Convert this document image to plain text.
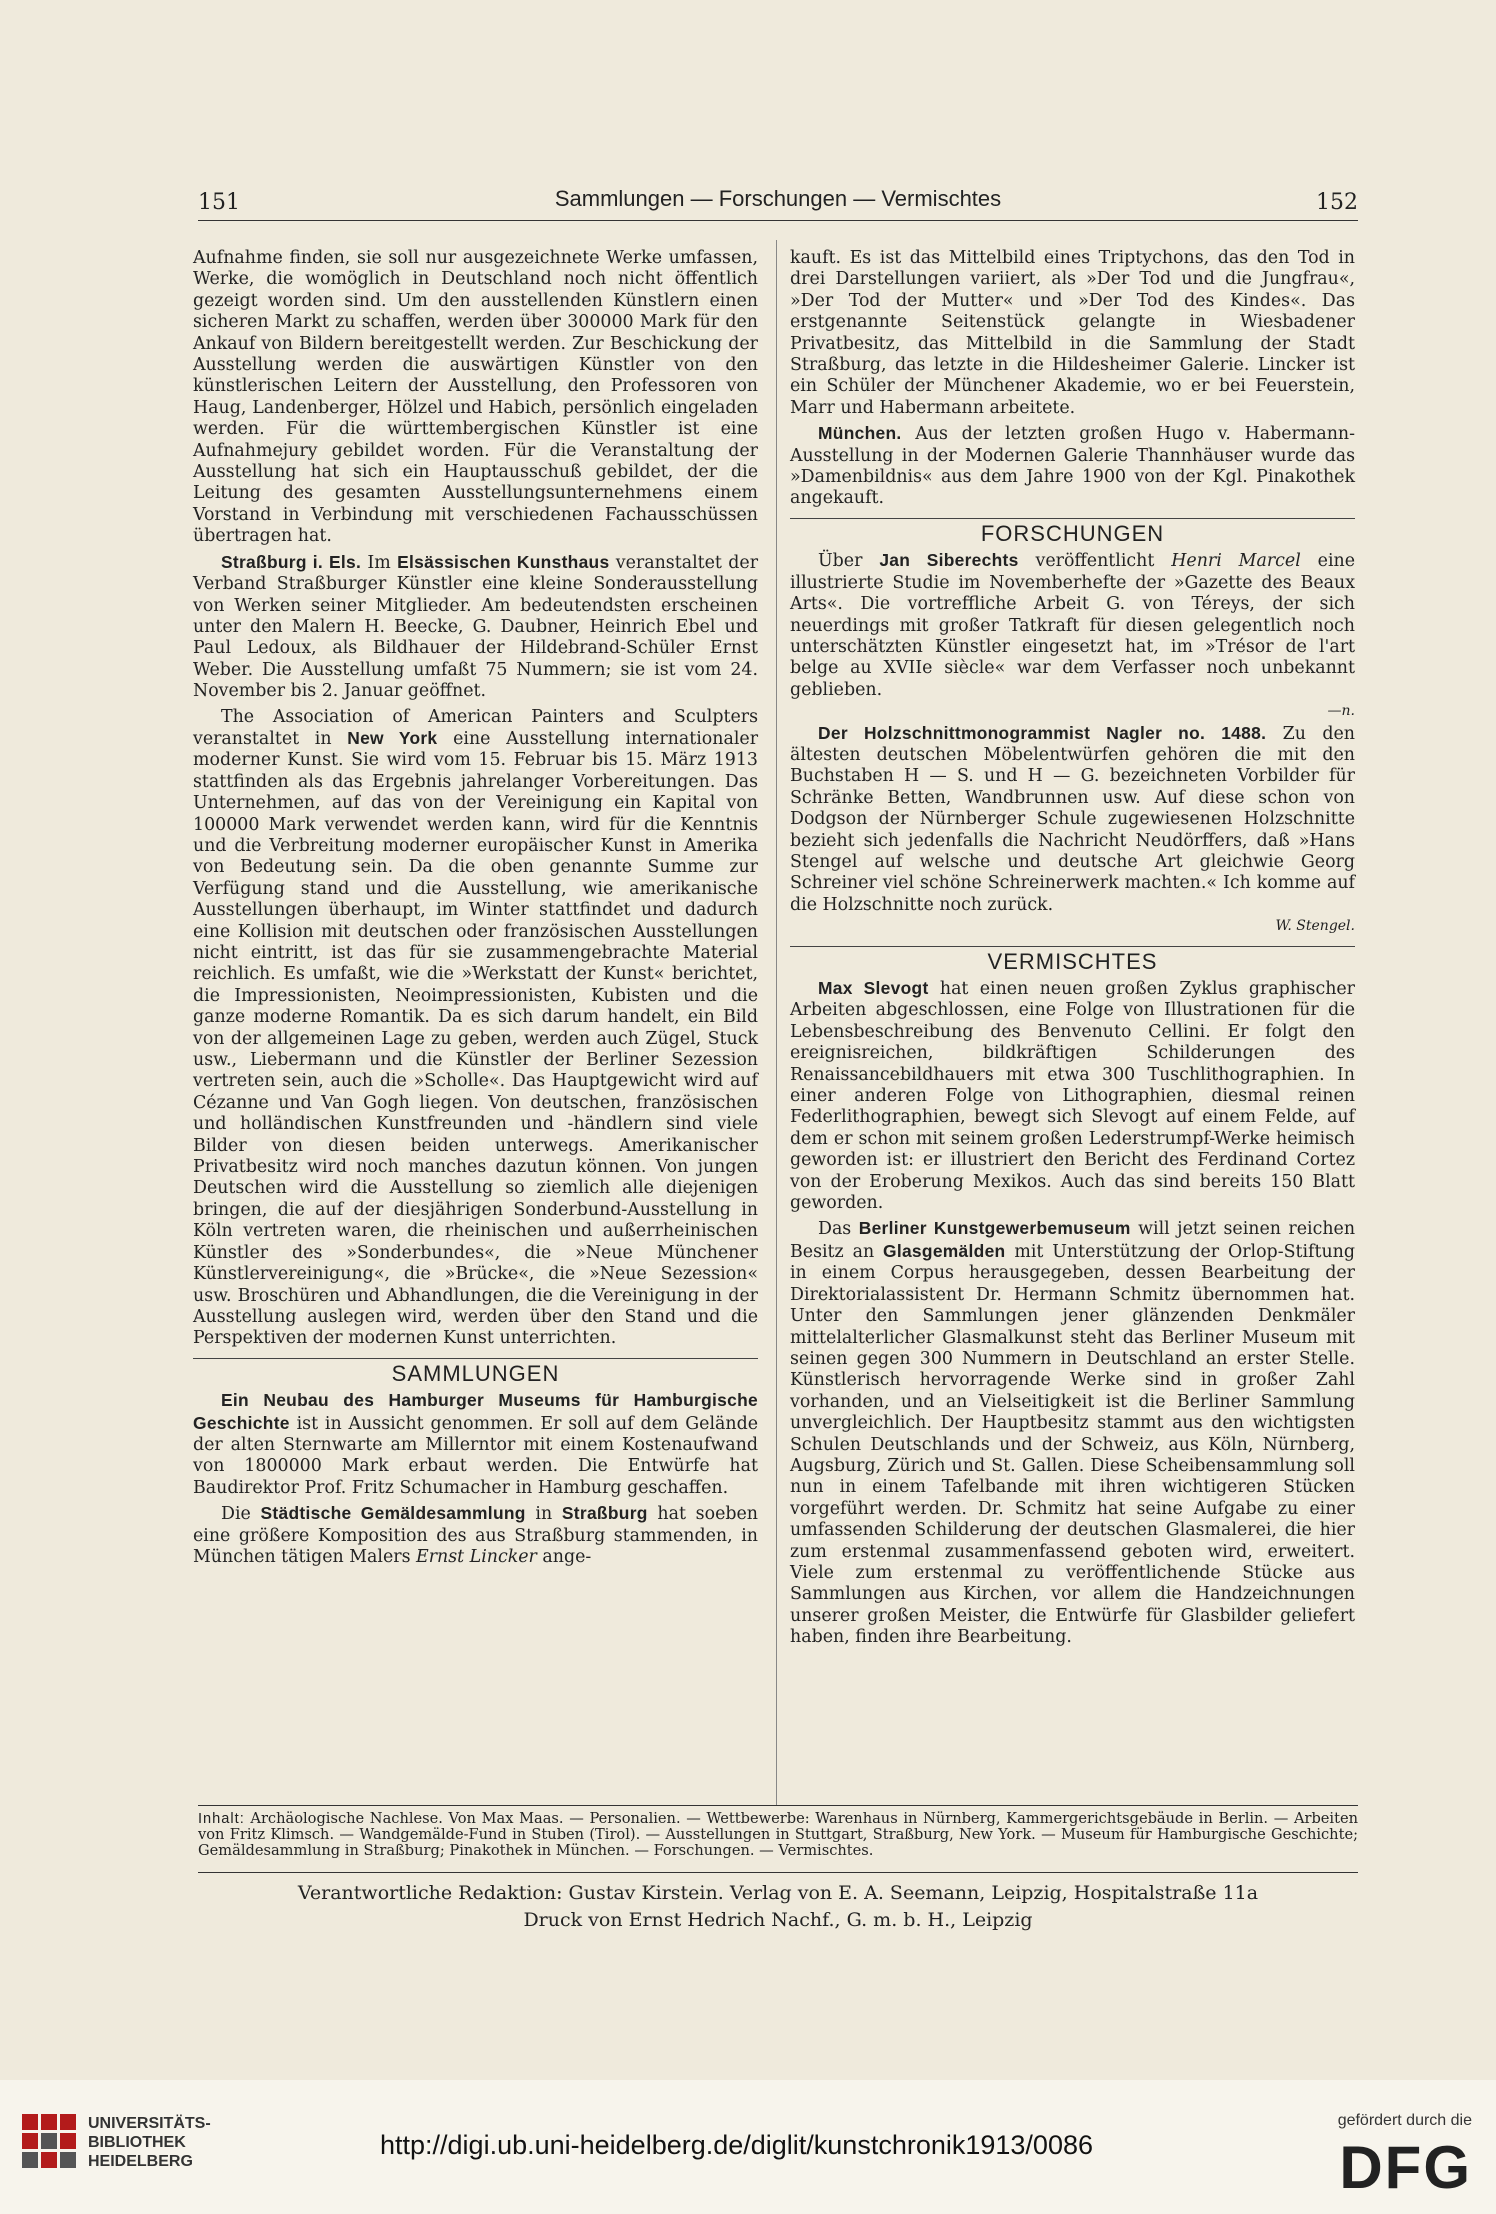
151	Sammlungen — Forschungen — Vermischtes	152

Aufnahme finden, sie soll nur ausgezeichnete Werke umfassen, Werke, die womöglich in Deutschland noch nicht öffentlich gezeigt worden sind. Um den ausstellenden Künstlern einen sicheren Markt zu schaffen, werden über 300000 Mark für den Ankauf von Bildern bereitgestellt werden. Zur Beschickung der Ausstellung werden die auswärtigen Künstler von den künstlerischen Leitern der Ausstellung, den Professoren von Haug, Landenberger, Hölzel und Habich, persönlich eingeladen werden. Für die württembergischen Künstler ist eine Aufnahmejury gebildet worden. Für die Veranstaltung der Ausstellung hat sich ein Hauptausschuß gebildet, der die Leitung des gesamten Ausstellungsunternehmens einem Vorstand in Verbindung mit verschiedenen Fachausschüssen übertragen hat.

Straßburg i. Els. Im Elsässischen Kunsthaus veranstaltet der Verband Straßburger Künstler eine kleine Sonderausstellung von Werken seiner Mitglieder. Am bedeutendsten erscheinen unter den Malern H. Beecke, G. Daubner, Heinrich Ebel und Paul Ledoux, als Bildhauer der Hildebrand-Schüler Ernst Weber. Die Ausstellung umfaßt 75 Nummern; sie ist vom 24. November bis 2. Januar geöffnet.

The Association of American Painters and Sculpters veranstaltet in New York eine Ausstellung internationaler moderner Kunst. Sie wird vom 15. Februar bis 15. März 1913 stattfinden als das Ergebnis jahrelanger Vorbereitungen. Das Unternehmen, auf das von der Vereinigung ein Kapital von 100000 Mark verwendet werden kann, wird für die Kenntnis und die Verbreitung moderner europäischer Kunst in Amerika von Bedeutung sein. Da die oben genannte Summe zur Verfügung stand und die Ausstellung, wie amerikanische Ausstellungen überhaupt, im Winter stattfindet und dadurch eine Kollision mit deutschen oder französischen Ausstellungen nicht eintritt, ist das für sie zusammengebrachte Material reichlich. Es umfaßt, wie die »Werkstatt der Kunst« berichtet, die Impressionisten, Neoimpressionisten, Kubisten und die ganze moderne Romantik. Da es sich darum handelt, ein Bild von der allgemeinen Lage zu geben, werden auch Zügel, Stuck usw., Liebermann und die Künstler der Berliner Sezession vertreten sein, auch die »Scholle«. Das Hauptgewicht wird auf Cézanne und Van Gogh liegen. Von deutschen, französischen und holländischen Kunstfreunden und -händlern sind viele Bilder von diesen beiden unterwegs. Amerikanischer Privatbesitz wird noch manches dazutun können. Von jungen Deutschen wird die Ausstellung so ziemlich alle diejenigen bringen, die auf der diesjährigen Sonderbund-Ausstellung in Köln vertreten waren, die rheinischen und außerrheinischen Künstler des »Sonderbundes«, die »Neue Münchener Künstlervereinigung«, die »Brücke«, die »Neue Sezession« usw. Broschüren und Abhandlungen, die die Vereinigung in der Ausstellung auslegen wird, werden über den Stand und die Perspektiven der modernen Kunst unterrichten.

SAMMLUNGEN

Ein Neubau des Hamburger Museums für Hamburgische Geschichte ist in Aussicht genommen. Er soll auf dem Gelände der alten Sternwarte am Millerntor mit einem Kostenaufwand von 1800000 Mark erbaut werden. Die Entwürfe hat Baudirektor Prof. Fritz Schumacher in Hamburg geschaffen.

Die Städtische Gemäldesammlung in Straßburg hat soeben eine größere Komposition des aus Straßburg stammenden, in München tätigen Malers Ernst Lincker ange-

kauft. Es ist das Mittelbild eines Triptychons, das den Tod in drei Darstellungen variiert, als »Der Tod und die Jungfrau«, »Der Tod der Mutter« und »Der Tod des Kindes«. Das erstgenannte Seitenstück gelangte in Wiesbadener Privatbesitz, das Mittelbild in die Sammlung der Stadt Straßburg, das letzte in die Hildesheimer Galerie. Lincker ist ein Schüler der Münchener Akademie, wo er bei Feuerstein, Marr und Habermann arbeitete.

München. Aus der letzten großen Hugo v. Habermann-Ausstellung in der Modernen Galerie Thannhäuser wurde das »Damenbildnis« aus dem Jahre 1900 von der Kgl. Pinakothek angekauft.

FORSCHUNGEN

Über Jan Siberechts veröffentlicht Henri Marcel eine illustrierte Studie im Novemberhefte der »Gazette des Beaux Arts«. Die vortreffliche Arbeit G. von Téreys, der sich neuerdings mit großer Tatkraft für diesen gelegentlich noch unterschätzten Künstler eingesetzt hat, im »Trésor de l'art belge au XVIIe siècle« war dem Verfasser noch unbekannt geblieben.

—n.

Der Holzschnittmonogrammist Nagler no. 1488. Zu den ältesten deutschen Möbelentwürfen gehören die mit den Buchstaben H — S. und H — G. bezeichneten Vorbilder für Schränke Betten, Wandbrunnen usw. Auf diese schon von Dodgson der Nürnberger Schule zugewiesenen Holzschnitte bezieht sich jedenfalls die Nachricht Neudörffers, daß »Hans Stengel auf welsche und deutsche Art gleichwie Georg Schreiner viel schöne Schreinerwerk machten.« Ich komme auf die Holzschnitte noch zurück.

W. Stengel.
VERMISCHTES

Max Slevogt hat einen neuen großen Zyklus graphischer Arbeiten abgeschlossen, eine Folge von Illustrationen für die Lebensbeschreibung des Benvenuto Cellini. Er folgt den ereignisreichen, bildkräftigen Schilderungen des Renaissancebildhauers mit etwa 300 Tuschlithographien. In einer anderen Folge von Lithographien, diesmal reinen Federlithographien, bewegt sich Slevogt auf einem Felde, auf dem er schon mit seinem großen Lederstrumpf-Werke heimisch geworden ist: er illustriert den Bericht des Ferdinand Cortez von der Eroberung Mexikos. Auch das sind bereits 150 Blatt geworden.

Das Berliner Kunstgewerbemuseum will jetzt seinen reichen Besitz an Glasgemälden mit Unterstützung der Orlop-Stiftung in einem Corpus herausgegeben, dessen Bearbeitung der Direktorialassistent Dr. Hermann Schmitz übernommen hat. Unter den Sammlungen jener glänzenden Denkmäler mittelalterlicher Glasmalkunst steht das Berliner Museum mit seinen gegen 300 Nummern in Deutschland an erster Stelle. Künstlerisch hervorragende Werke sind in großer Zahl vorhanden, und an Vielseitigkeit ist die Berliner Sammlung unvergleichlich. Der Hauptbesitz stammt aus den wichtigsten Schulen Deutschlands und der Schweiz, aus Köln, Nürnberg, Augsburg, Zürich und St. Gallen. Diese Scheibensammlung soll nun in einem Tafelbande mit ihren wichtigeren Stücken vorgeführt werden. Dr. Schmitz hat seine Aufgabe zu einer umfassenden Schilderung der deutschen Glasmalerei, die hier zum erstenmal zusammenfassend geboten wird, erweitert. Viele zum erstenmal zu veröffentlichende Stücke aus Sammlungen aus Kirchen, vor allem die Handzeichnungen unserer großen Meister, die Entwürfe für Glasbilder geliefert haben, finden ihre Bearbeitung.

Inhalt: Archäologische Nachlese. Von Max Maas. — Personalien. — Wettbewerbe: Warenhaus in Nürnberg, Kammergerichtsgebäude in Berlin. — Arbeiten von Fritz Klimsch. — Wandgemälde-Fund in Stuben (Tirol). — Ausstellungen in Stuttgart, Straßburg, New York. — Museum für Hamburgische Geschichte; Gemäldesammlung in Straßburg; Pinakothek in München. — Forschungen. — Vermischtes.
Verantwortliche Redaktion: Gustav Kirstein. Verlag von E. A. Seemann, Leipzig, Hospitalstraße 11a
Druck von Ernst Hedrich Nachf., G. m. b. H., Leipzig
UNIVERSITÄTS-
BIBLIOTHEK
HEIDELBERG
http://digi.ub.uni-heidelberg.de/diglit/kunstchronik1913/0086
gefördert durch die
DFG
